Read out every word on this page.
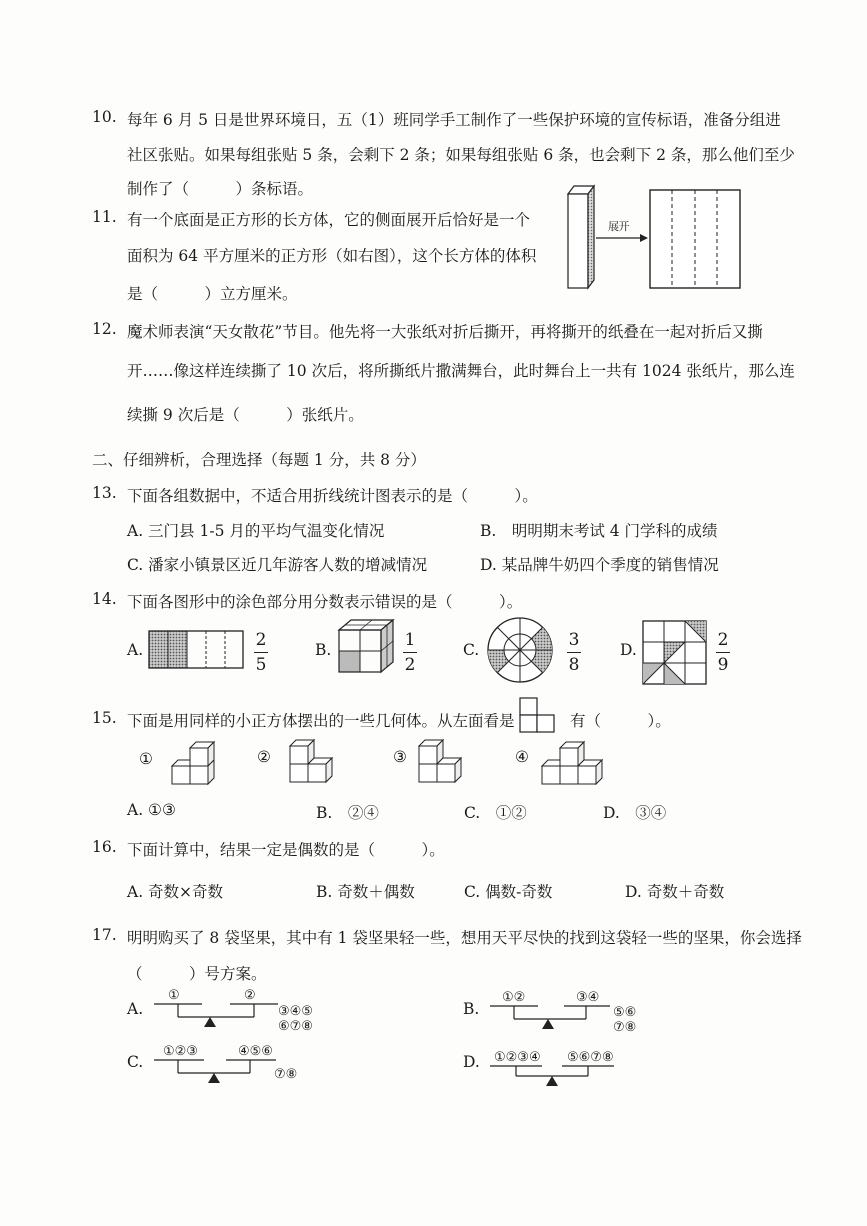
10. 每年 6 月 5 日是世界环境日，五（1）班同学手工制作了一些保护环境的宣传标语，准备分组进
社区张贴。如果每组张贴 5 条，会剩下 2 条；如果每组张贴 6 条，也会剩下 2 条，那么他们至少
制作了（　　　）条标语。
11. 有一个底面是正方形的长方体，它的侧面展开后恰好是一个
面积为 64 平方厘米的正方形（如右图），这个长方体的体积
是（　　　）立方厘米。
展开
12. 魔术师表演“天女散花”节目。他先将一大张纸对折后撕开，再将撕开的纸叠在一起对折后又撕
开……像这样连续撕了 10 次后，将所撕纸片撒满舞台，此时舞台上一共有 1024 张纸片，那么连
续撕 9 次后是（　　　）张纸片。
二、仔细辨析，合理选择（每题 1 分，共 8 分）
13. 下面各组数据中，不适合用折线统计图表示的是（　　　）。
A. 三门县 1-5 月的平均气温变化情况	B.　明明期末考试 4 门学科的成绩
C. 潘家小镇景区近几年游客人数的增减情况	D. 某品牌牛奶四个季度的销售情况
14. 下面各图形中的涂色部分用分数表示错误的是（　　　）。
A.	2
5
B.	1
2
C.	3
8
D.	2
9
15. 下面是用同样的小正方体摆出的一些几何体。从左面看是	有（　　　）。
①	②	③	④
A. ①③	B.　②④	C.　①②	D.　③④
16. 下面计算中，结果一定是偶数的是（　　　）。
A. 奇数×奇数	B. 奇数＋偶数	C. 偶数-奇数	D. 奇数＋奇数
17. 明明购买了 8 袋坚果，其中有 1 袋坚果轻一些，想用天平尽快的找到这袋轻一些的坚果，你会选择
（　　　）号方案。
A.
①	②
③④⑤
⑥⑦⑧
B.
①②	③④
⑤⑥
⑦⑧
C.
①②③	④⑤⑥
⑦⑧
D. ①②③④ ⑤⑥⑦⑧
